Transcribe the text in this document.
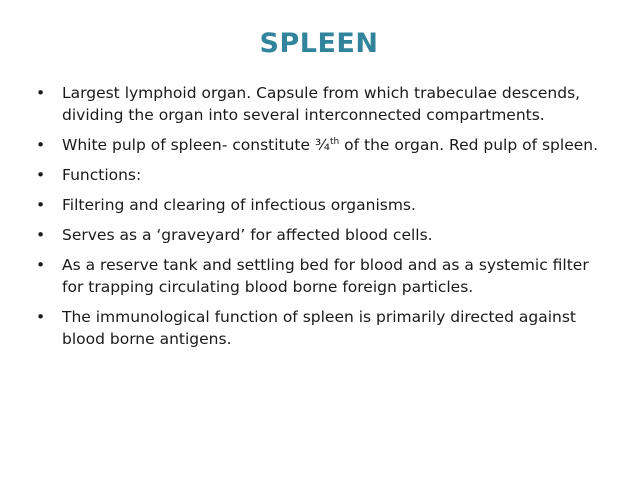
SPLEEN
• Largest lymphoid organ. Capsule from which trabeculae descends, dividing the organ into several interconnected compartments.
• White pulp of spleen- constitute ¾$^{th}$ of the organ. Red pulp of spleen.
• Functions:
• Filtering and clearing of infectious organisms.
• Serves as a ‘graveyard’ for affected blood cells.
• As a reserve tank and settling bed for blood and as a systemic filter for trapping circulating blood borne foreign particles.
• The immunological function of spleen is primarily directed against blood borne antigens.
